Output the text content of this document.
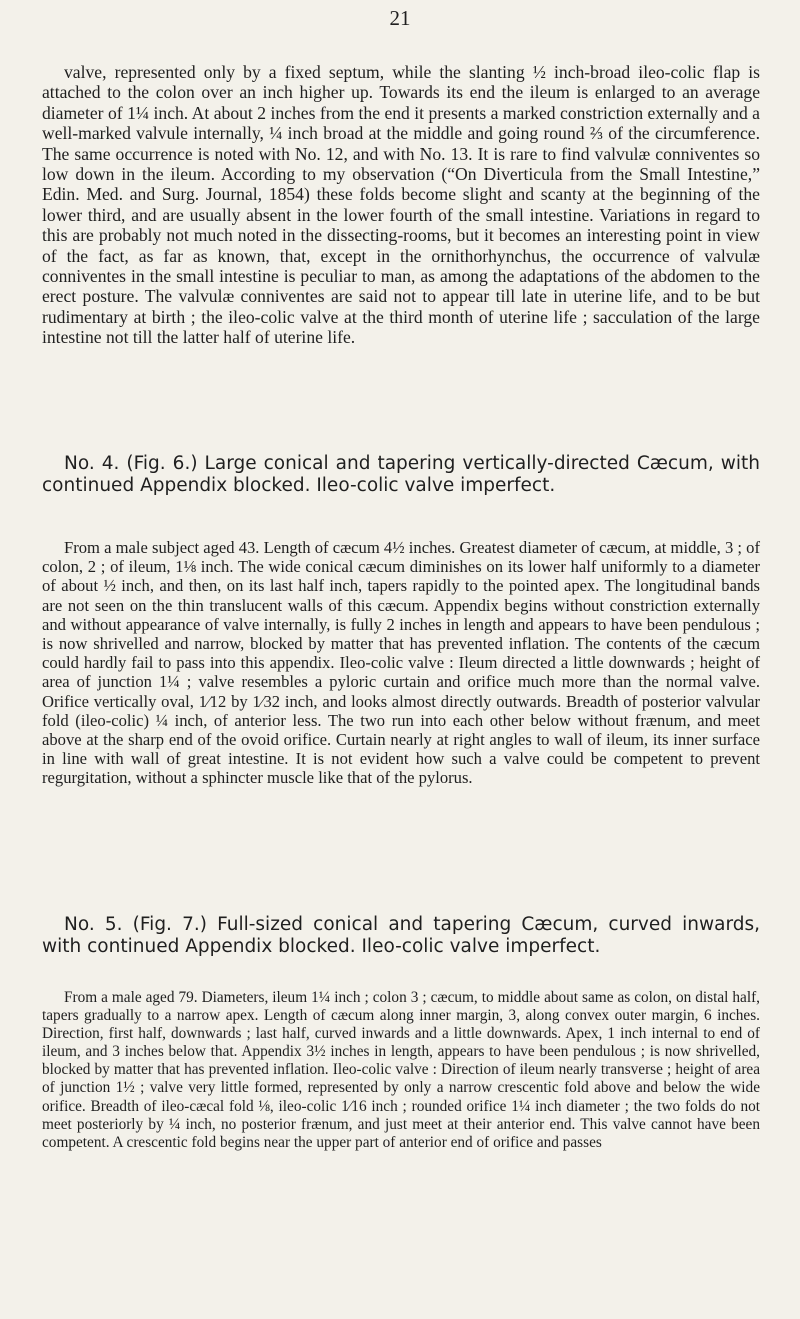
21

valve, represented only by a fixed septum, while the slanting ½ inch-broad ileo-colic flap is attached to the colon over an inch higher up. Towards its end the ileum is enlarged to an average diameter of 1¼ inch. At about 2 inches from the end it presents a marked constriction externally and a well-marked valvule internally, ¼ inch broad at the middle and going round ⅔ of the circumference. The same occurrence is noted with No. 12, and with No. 13. It is rare to find valvulæ conniventes so low down in the ileum. According to my observation (“On Diverticula from the Small Intestine,” Edin. Med. and Surg. Journal, 1854) these folds become slight and scanty at the beginning of the lower third, and are usually absent in the lower fourth of the small intestine. Variations in regard to this are probably not much noted in the dissecting-rooms, but it becomes an interesting point in view of the fact, as far as known, that, except in the ornithorhynchus, the occurrence of valvulæ conniventes in the small intestine is peculiar to man, as among the adaptations of the abdomen to the erect posture. The valvulæ conniventes are said not to appear till late in uterine life, and to be but rudimentary at birth ; the ileo-colic valve at the third month of uterine life ; sacculation of the large intestine not till the latter half of uterine life.

No. 4. (Fig. 6.) Large conical and tapering vertically-directed Cæcum, with continued Appendix blocked. Ileo-colic valve imperfect.

From a male subject aged 43. Length of cæcum 4½ inches. Greatest diameter of cæcum, at middle, 3 ; of colon, 2 ; of ileum, 1⅛ inch. The wide conical cæcum diminishes on its lower half uniformly to a diameter of about ½ inch, and then, on its last half inch, tapers rapidly to the pointed apex. The longitudinal bands are not seen on the thin translucent walls of this cæcum. Appendix begins without constriction externally and without appearance of valve internally, is fully 2 inches in length and appears to have been pendulous ; is now shrivelled and narrow, blocked by matter that has prevented inflation. The contents of the cæcum could hardly fail to pass into this appendix. Ileo-colic valve : Ileum directed a little downwards ; height of area of junction 1¼ ; valve resembles a pyloric curtain and orifice much more than the normal valve. Orifice vertically oval, 1⁄12 by 1⁄32 inch, and looks almost directly outwards. Breadth of posterior valvular fold (ileo-colic) ¼ inch, of anterior less. The two run into each other below without frænum, and meet above at the sharp end of the ovoid orifice. Curtain nearly at right angles to wall of ileum, its inner surface in line with wall of great intestine. It is not evident how such a valve could be competent to prevent regurgitation, without a sphincter muscle like that of the pylorus.

No. 5. (Fig. 7.) Full-sized conical and tapering Cæcum, curved inwards, with continued Appendix blocked. Ileo-colic valve imperfect.

From a male aged 79. Diameters, ileum 1¼ inch ; colon 3 ; cæcum, to middle about same as colon, on distal half, tapers gradually to a narrow apex. Length of cæcum along inner margin, 3, along convex outer margin, 6 inches. Direction, first half, downwards ; last half, curved inwards and a little downwards. Apex, 1 inch internal to end of ileum, and 3 inches below that. Appendix 3½ inches in length, appears to have been pendulous ; is now shrivelled, blocked by matter that has prevented inflation. Ileo-colic valve : Direction of ileum nearly transverse ; height of area of junction 1½ ; valve very little formed, represented by only a narrow crescentic fold above and below the wide orifice. Breadth of ileo-cæcal fold ⅛, ileo-colic 1⁄16 inch ; rounded orifice 1¼ inch diameter ; the two folds do not meet posteriorly by ¼ inch, no posterior frænum, and just meet at their anterior end. This valve cannot have been competent. A crescentic fold begins near the upper part of anterior end of orifice and passes
